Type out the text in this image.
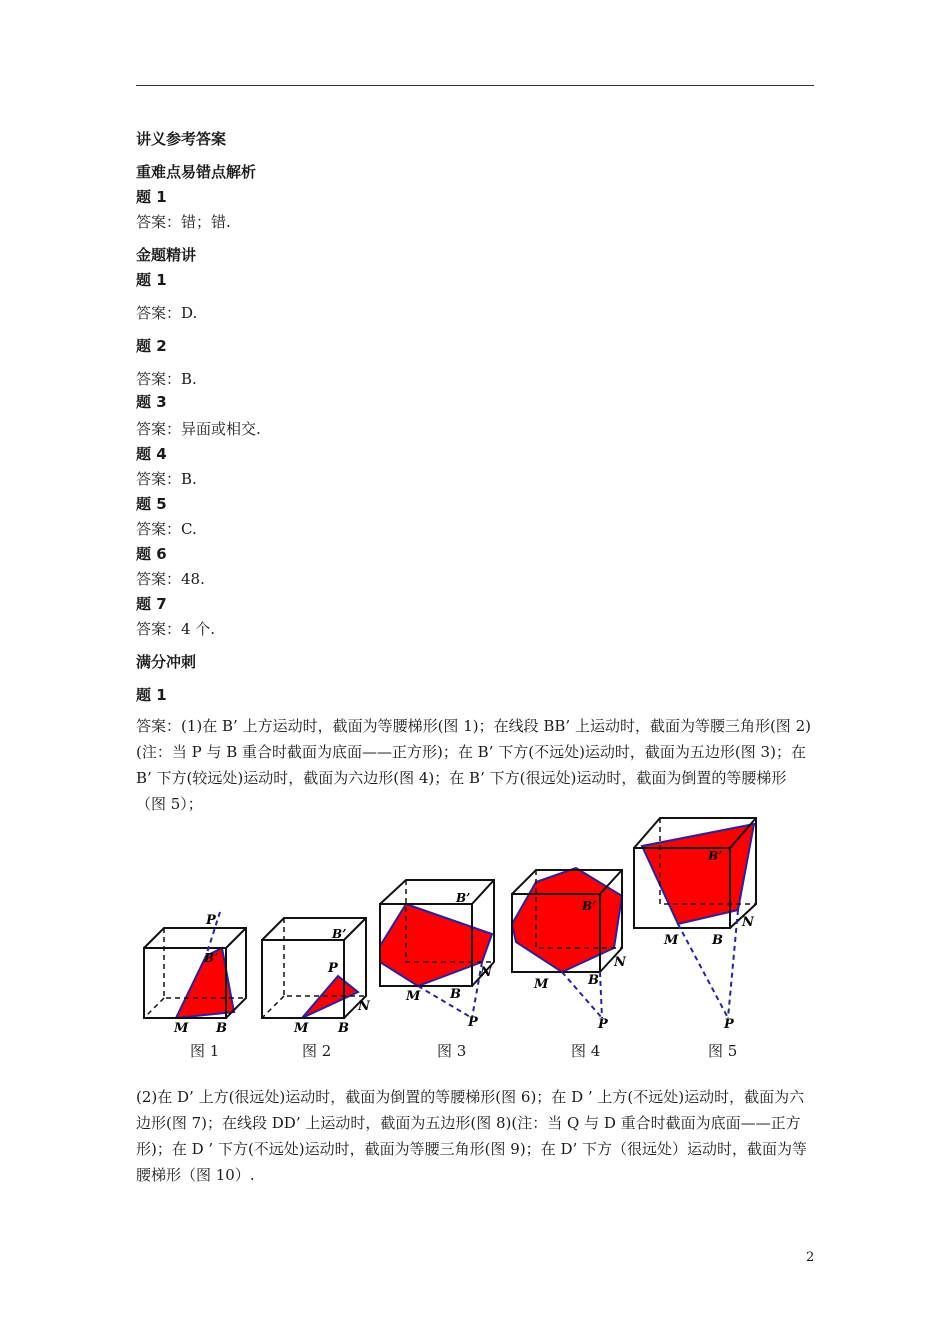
讲义参考答案
重难点易错点解析
题 1
答案：错；错.
金题精讲
题 1
答案：D.
题 2
答案：B.
题 3
答案：异面或相交.
题 4
答案：B.
题 5
答案：C.
题 6
答案：48.
题 7
答案：4 个.
满分冲刺
题 1
答案：(1)在 B’ 上方运动时，截面为等腰梯形(图 1)；在线段 BB’ 上运动时，截面为等腰三角形(图 2)(注：当 P 与 B 重合时截面为底面——正方形)；在 B’ 下方(不远处)运动时，截面为五边形(图 3)；在 B’ 下方(较远处)运动时，截面为六边形(图 4)；在 B’ 下方(很远处)运动时，截面为倒置的等腰梯形（图 5）；
P
B’
M B
P
B’
M B
N
B’
M B
N
P
B’
M	B
N
P
B’
M	B
N
P
图 1	图 2	图 3	图 4	图 5
(2)在 D’ 上方(很远处)运动时，截面为倒置的等腰梯形(图 6)；在 D ’ 上方(不远处)运动时，截面为六边形(图 7)；在线段 DD’ 上运动时，截面为五边形(图 8)(注：当 Q 与 D 重合时截面为底面——正方形)；在 D ’ 下方(不远处)运动时，截面为等腰三角形(图 9)；在 D’ 下方（很远处）运动时，截面为等腰梯形（图 10）.
2
